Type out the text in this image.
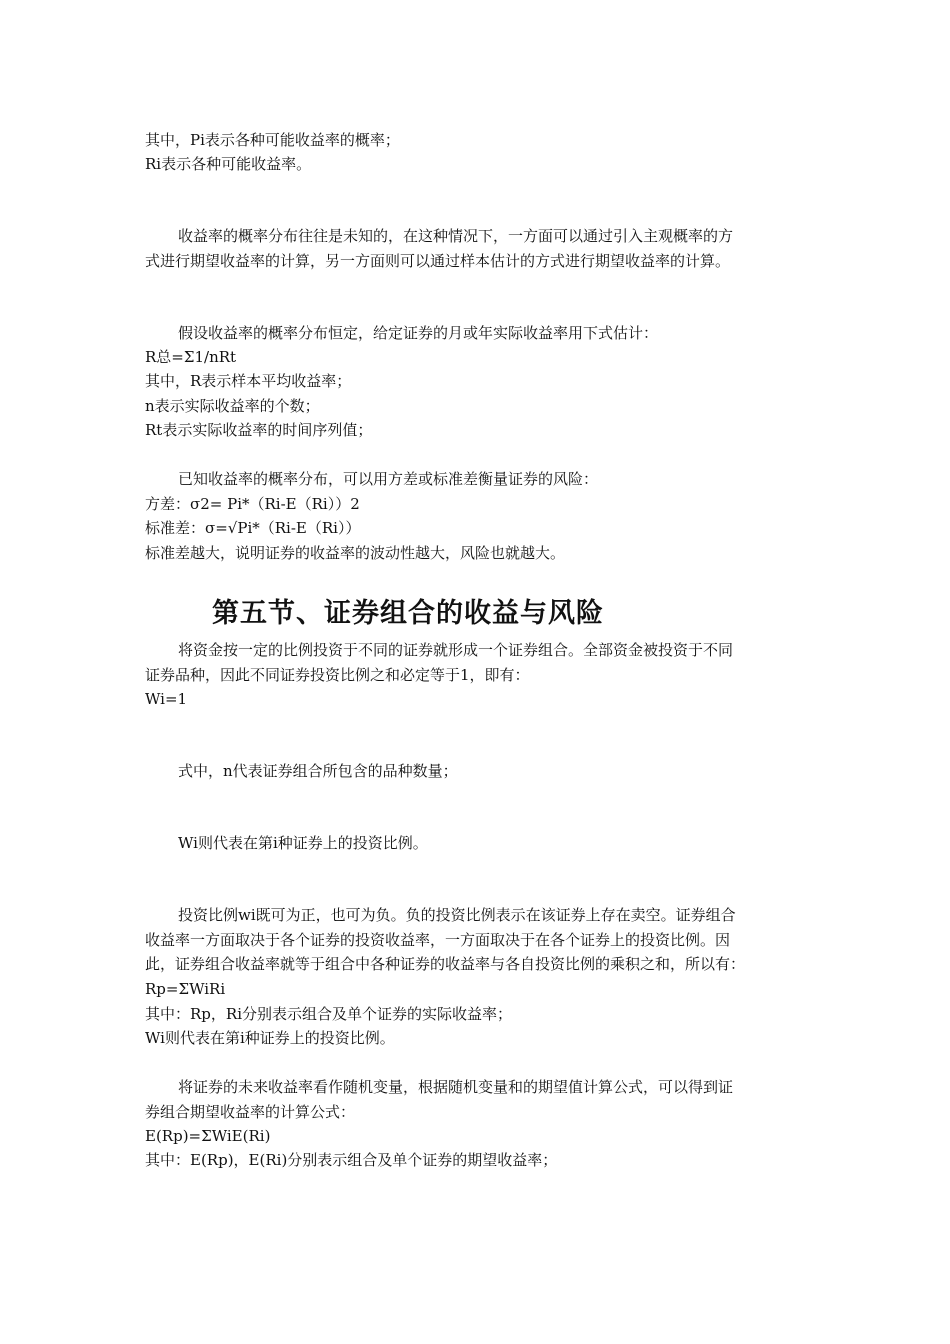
其中，Pi表示各种可能收益率的概率；
Ri表示各种可能收益率。
收益率的概率分布往往是未知的，在这种情况下，一方面可以通过引入主观概率的方
式进行期望收益率的计算，另一方面则可以通过样本估计的方式进行期望收益率的计算。
假设收益率的概率分布恒定，给定证券的月或年实际收益率用下式估计：
R总=Σ1/nRt
其中，R表示样本平均收益率；
n表示实际收益率的个数；
Rt表示实际收益率的时间序列值；
已知收益率的概率分布，可以用方差或标准差衡量证券的风险：
方差：σ2= Pi*（Ri-E（Ri））2
标准差：σ=√Pi*（Ri-E（Ri））
标准差越大，说明证券的收益率的波动性越大，风险也就越大。
第五节、证券组合的收益与风险
将资金按一定的比例投资于不同的证券就形成一个证券组合。全部资金被投资于不同
证券品种，因此不同证券投资比例之和必定等于1，即有：
Wi=1
式中，n代表证券组合所包含的品种数量；
Wi则代表在第i种证券上的投资比例。
投资比例wi既可为正，也可为负。负的投资比例表示在该证券上存在卖空。证券组合
收益率一方面取决于各个证券的投资收益率，一方面取决于在各个证券上的投资比例。因
此，证券组合收益率就等于组合中各种证券的收益率与各自投资比例的乘积之和，所以有：
Rp=ΣWiRi
其中：Rp，Ri分别表示组合及单个证券的实际收益率；
Wi则代表在第i种证券上的投资比例。
将证券的未来收益率看作随机变量，根据随机变量和的期望值计算公式，可以得到证
券组合期望收益率的计算公式：
E(Rp)=ΣWiE(Ri)
其中：E(Rp)，E(Ri)分别表示组合及单个证券的期望收益率；
